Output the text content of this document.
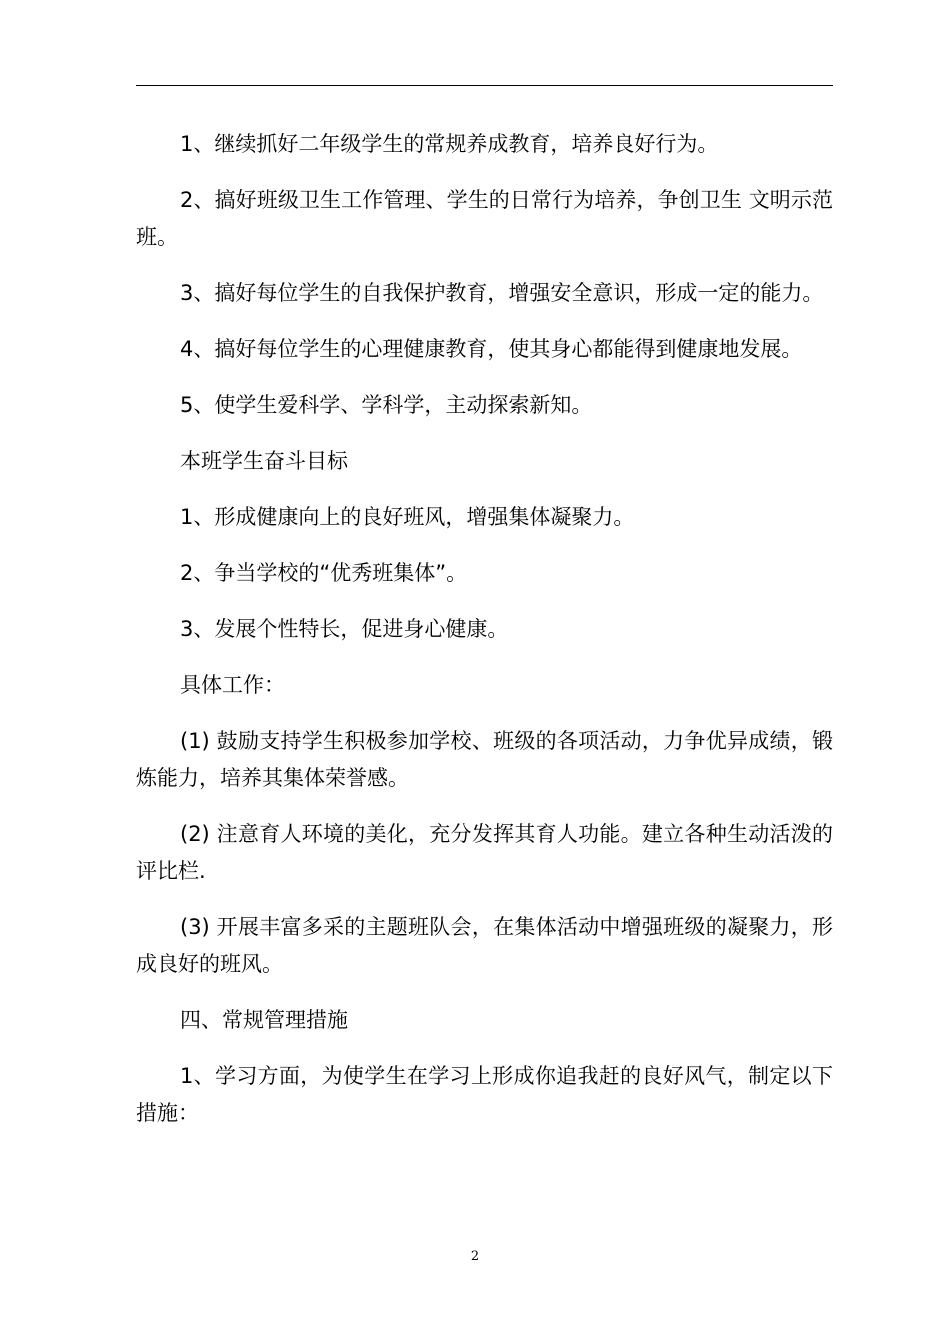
1、继续抓好二年级学生的常规养成教育，培养良好行为。

2、搞好班级卫生工作管理、学生的日常行为培养，争创卫生 文明示范班。

3、搞好每位学生的自我保护教育，增强安全意识，形成一定的能力。

4、搞好每位学生的心理健康教育，使其身心都能得到健康地发展。

5、使学生爱科学、学科学，主动探索新知。

本班学生奋斗目标

1、形成健康向上的良好班风，增强集体凝聚力。

2、争当学校的“优秀班集体”。

3、发展个性特长，促进身心健康。

具体工作：

(1) 鼓励支持学生积极参加学校、班级的各项活动，力争优异成绩，锻炼能力，培养其集体荣誉感。

(2) 注意育人环境的美化，充分发挥其育人功能。建立各种生动活泼的评比栏.

(3) 开展丰富多采的主题班队会，在集体活动中增强班级的凝聚力，形成良好的班风。

四、常规管理措施

1、学习方面，为使学生在学习上形成你追我赶的良好风气，制定以下措施：

2
